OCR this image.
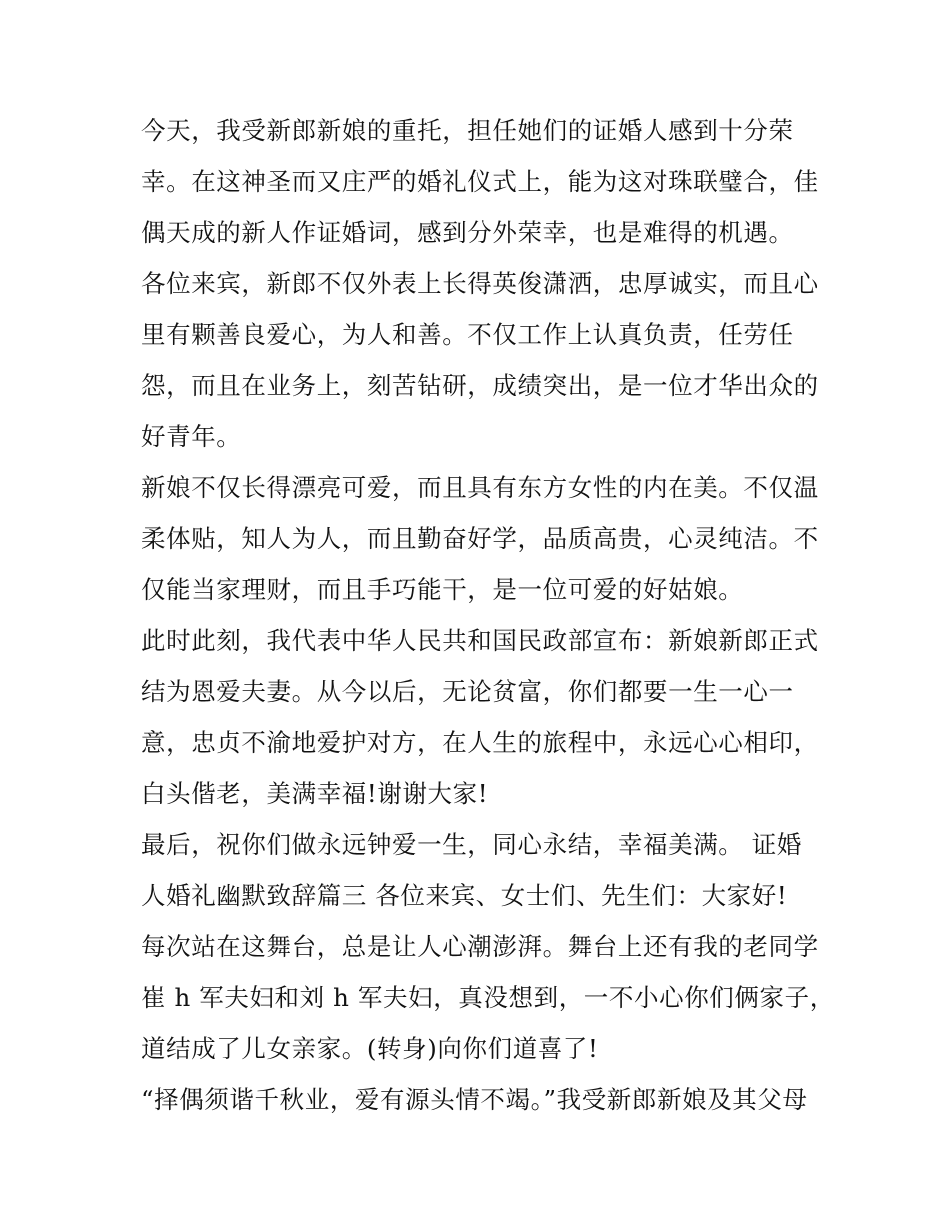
今天，我受新郎新娘的重托，担任她们的证婚人感到十分荣
幸。在这神圣而又庄严的婚礼仪式上，能为这对珠联璧合，佳
偶天成的新人作证婚词，感到分外荣幸，也是难得的机遇。
各位来宾，新郎不仅外表上长得英俊潇洒，忠厚诚实，而且心
里有颗善良爱心，为人和善。不仅工作上认真负责，任劳任
怨，而且在业务上，刻苦钻研，成绩突出，是一位才华出众的
好青年。
新娘不仅长得漂亮可爱，而且具有东方女性的内在美。不仅温
柔体贴，知人为人，而且勤奋好学，品质高贵，心灵纯洁。不
仅能当家理财，而且手巧能干，是一位可爱的好姑娘。
此时此刻，我代表中华人民共和国民政部宣布：新娘新郎正式
结为恩爱夫妻。从今以后，无论贫富，你们都要一生一心一
意，忠贞不渝地爱护对方，在人生的旅程中，永远心心相印，
白头偕老，美满幸福!谢谢大家!
最后，祝你们做永远钟爱一生，同心永结，幸福美满。 证婚
人婚礼幽默致辞篇三 各位来宾、女士们、先生们：大家好!
每次站在这舞台，总是让人心潮澎湃。舞台上还有我的老同学
崔 h 军夫妇和刘 h 军夫妇，真没想到，一不小心你们俩家子，
道结成了儿女亲家。(转身)向你们道喜了!
“择偶须谐千秋业，爱有源头情不竭。”我受新郎新娘及其父母
